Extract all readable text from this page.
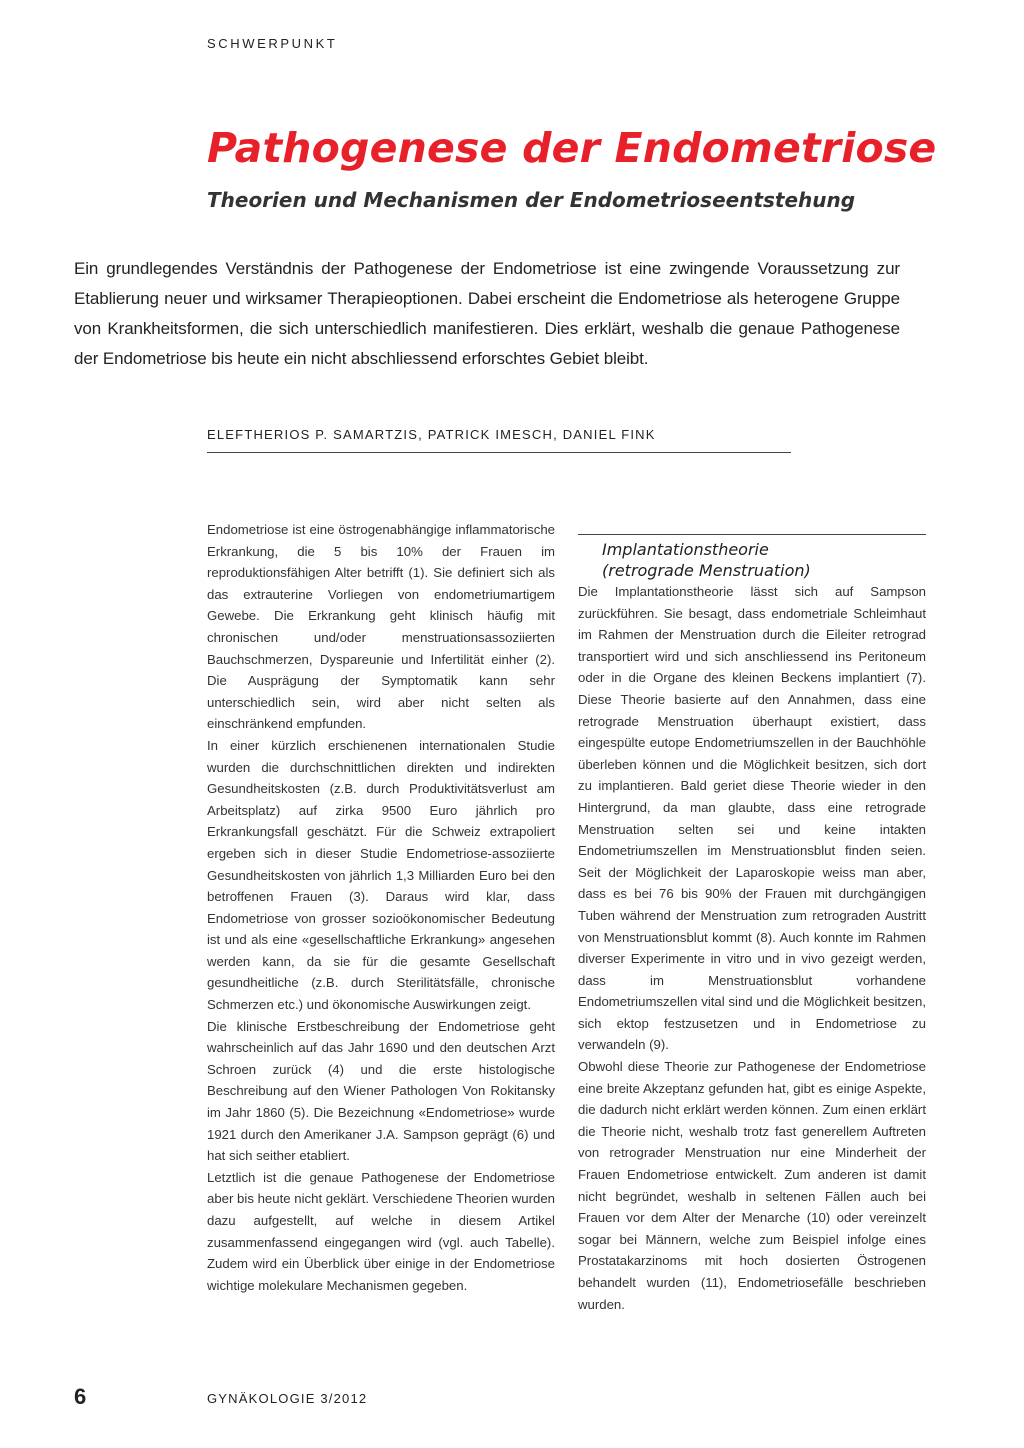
SCHWERPUNKT
Pathogenese der Endometriose
Theorien und Mechanismen der Endometrioseentstehung

Ein grundlegendes Verständnis der Pathogenese der Endometriose ist eine zwingende Voraussetzung zur Etablierung neuer und wirksamer Therapieoptionen. Dabei erscheint die Endometriose als heterogene Gruppe von Krankheitsformen, die sich unterschiedlich manifestieren. Dies erklärt, weshalb die genaue Pathogenese der Endometriose bis heute ein nicht abschliessend erforschtes Gebiet bleibt.

ELEFTHERIOS P. SAMARTZIS, PATRICK IMESCH, DANIEL FINK

Endometriose ist eine östrogenabhängige inflammatorische Erkrankung, die 5 bis 10% der Frauen im reproduktionsfähigen Alter betrifft (1). Sie definiert sich als das extrauterine Vorliegen von endometriumartigem Gewebe. Die Erkrankung geht klinisch häufig mit chronischen und/oder menstruationsassoziierten Bauchschmerzen, Dyspareunie und Infertilität einher (2). Die Ausprägung der Symptomatik kann sehr unterschiedlich sein, wird aber nicht selten als einschränkend empfunden.

In einer kürzlich erschienenen internationalen Studie wurden die durchschnittlichen direkten und indirekten Gesundheitskosten (z.B. durch Produktivitätsverlust am Arbeitsplatz) auf zirka 9500 Euro jährlich pro Erkrankungsfall geschätzt. Für die Schweiz extrapoliert ergeben sich in dieser Studie Endometriose-assoziierte Gesundheitskosten von jährlich 1,3 Milliarden Euro bei den betroffenen Frauen (3). Daraus wird klar, dass Endometriose von grosser sozioökonomischer Bedeutung ist und als eine «gesellschaftliche Erkrankung» angesehen werden kann, da sie für die gesamte Gesellschaft gesundheitliche (z.B. durch Sterilitätsfälle, chronische Schmerzen etc.) und ökonomische Auswirkungen zeigt.

Die klinische Erstbeschreibung der Endometriose geht wahrscheinlich auf das Jahr 1690 und den deutschen Arzt Schroen zurück (4) und die erste histologische Beschreibung auf den Wiener Pathologen Von Rokitansky im Jahr 1860 (5). Die Bezeichnung «Endometriose» wurde 1921 durch den Amerikaner J.A. Sampson geprägt (6) und hat sich seither etabliert.

Letztlich ist die genaue Pathogenese der Endometriose aber bis heute nicht geklärt. Verschiedene Theorien wurden dazu aufgestellt, auf welche in diesem Artikel zusammenfassend eingegangen wird (vgl. auch Tabelle). Zudem wird ein Überblick über einige in der Endometriose wichtige molekulare Mechanismen gegeben.

Implantationstheorie
(retrograde Menstruation)

Die Implantationstheorie lässt sich auf Sampson zurückführen. Sie besagt, dass endometriale Schleimhaut im Rahmen der Menstruation durch die Eileiter retrograd transportiert wird und sich anschliessend ins Peritoneum oder in die Organe des kleinen Beckens implantiert (7). Diese Theorie basierte auf den Annahmen, dass eine retrograde Menstruation überhaupt existiert, dass eingespülte eutope Endometriumszellen in der Bauchhöhle überleben können und die Möglichkeit besitzen, sich dort zu implantieren. Bald geriet diese Theorie wieder in den Hintergrund, da man glaubte, dass eine retrograde Menstruation selten sei und keine intakten Endometriumszellen im Menstruationsblut finden seien. Seit der Möglichkeit der Laparoskopie weiss man aber, dass es bei 76 bis 90% der Frauen mit durchgängigen Tuben während der Menstruation zum retrograden Austritt von Menstruationsblut kommt (8). Auch konnte im Rahmen diverser Experimente in vitro und in vivo gezeigt werden, dass im Menstruationsblut vorhandene Endometriumszellen vital sind und die Möglichkeit besitzen, sich ektop festzusetzen und in Endometriose zu verwandeln (9).

Obwohl diese Theorie zur Pathogenese der Endometriose eine breite Akzeptanz gefunden hat, gibt es einige Aspekte, die dadurch nicht erklärt werden können. Zum einen erklärt die Theorie nicht, weshalb trotz fast generellem Auftreten von retrograder Menstruation nur eine Minderheit der Frauen Endometriose entwickelt. Zum anderen ist damit nicht begründet, weshalb in seltenen Fällen auch bei Frauen vor dem Alter der Menarche (10) oder vereinzelt sogar bei Männern, welche zum Beispiel infolge eines Prostatakarzinoms mit hoch dosierten Östrogenen behandelt wurden (11), Endometriosefälle beschrieben wurden.

6	GYNÄKOLOGIE 3/2012
